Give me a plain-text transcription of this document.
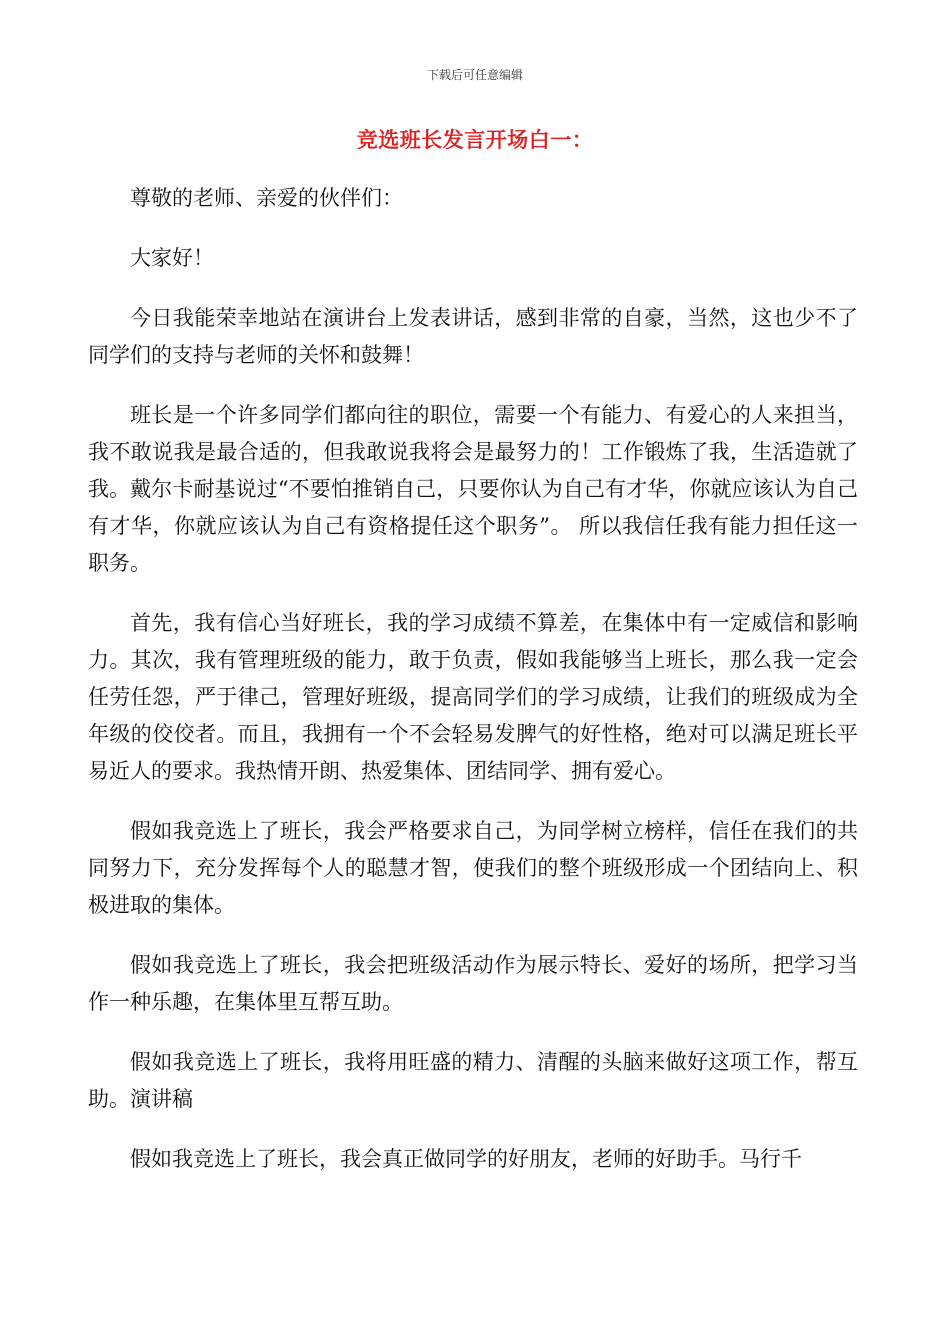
下载后可任意编辑
竞选班长发言开场白一：

尊敬的老师、亲爱的伙伴们：

大家好！

今日我能荣幸地站在演讲台上发表讲话，感到非常的自豪，当然，这也少不了同学们的支持与老师的关怀和鼓舞！

班长是一个许多同学们都向往的职位，需要一个有能力、有爱心的人来担当，我不敢说我是最合适的，但我敢说我将会是最努力的！工作锻炼了我，生活造就了我。戴尔卡耐基说过“不要怕推销自己，只要你认为自己有才华，你就应该认为自己有才华，你就应该认为自己有资格提任这个职务”。 所以我信任我有能力担任这一职务。

首先，我有信心当好班长，我的学习成绩不算差，在集体中有一定威信和影响力。其次，我有管理班级的能力，敢于负责，假如我能够当上班长，那么我一定会任劳任怨，严于律己，管理好班级，提高同学们的学习成绩，让我们的班级成为全年级的佼佼者。而且，我拥有一个不会轻易发脾气的好性格，绝对可以满足班长平易近人的要求。我热情开朗、热爱集体、团结同学、拥有爱心。

假如我竞选上了班长，我会严格要求自己，为同学树立榜样，信任在我们的共同努力下，充分发挥每个人的聪慧才智，使我们的整个班级形成一个团结向上、积极进取的集体。

假如我竞选上了班长，我会把班级活动作为展示特长、爱好的场所，把学习当作一种乐趣，在集体里互帮互助。

假如我竞选上了班长，我将用旺盛的精力、清醒的头脑来做好这项工作，帮互助。演讲稿

假如我竞选上了班长，我会真正做同学的好朋友，老师的好助手。马行千
